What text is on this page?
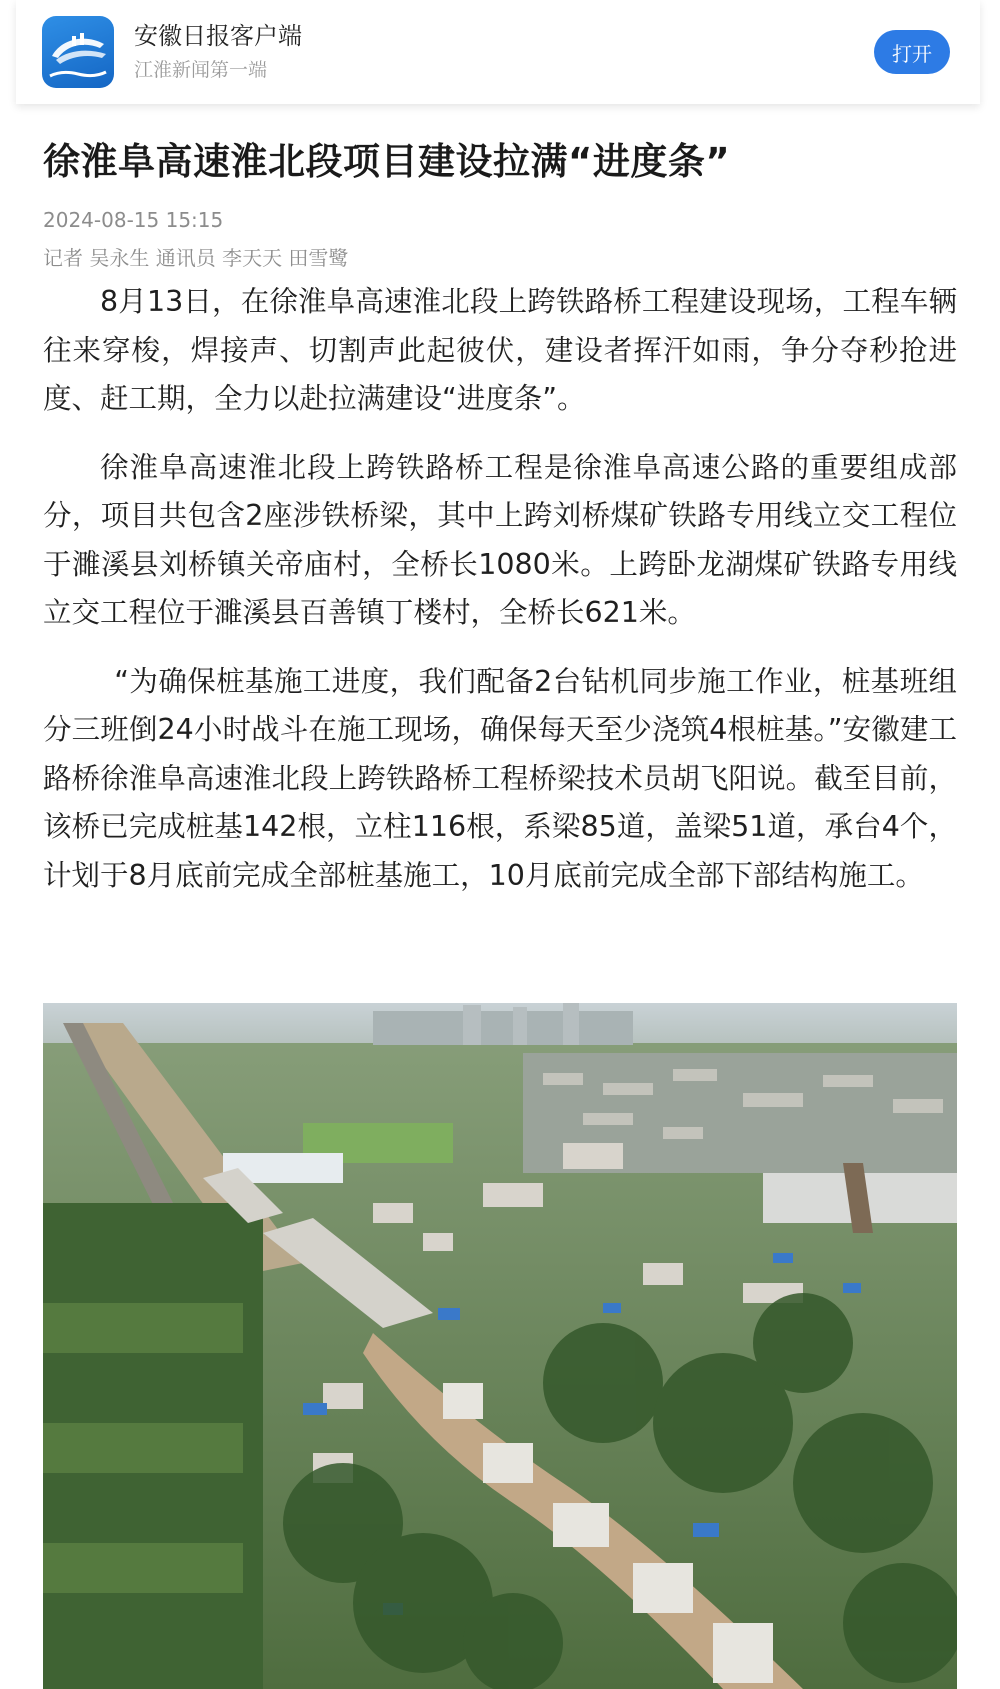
安徽日报客户端
江淮新闻第一端
打开
徐淮阜高速淮北段项目建设拉满“进度条”
2024-08-15 15:15
记者 吴永生 通讯员 李天天 田雪鹭

8月13日，在徐淮阜高速淮北段上跨铁路桥工程建设现场，工程车辆往来穿梭，焊接声、切割声此起彼伏，建设者挥汗如雨，争分夺秒抢进度、赶工期，全力以赴拉满建设“进度条”。

徐淮阜高速淮北段上跨铁路桥工程是徐淮阜高速公路的重要组成部分，项目共包含2座涉铁桥梁，其中上跨刘桥煤矿铁路专用线立交工程位于濉溪县刘桥镇关帝庙村，全桥长1080米。上跨卧龙湖煤矿铁路专用线立交工程位于濉溪县百善镇丁楼村，全桥长621米。

“为确保桩基施工进度，我们配备2台钻机同步施工作业，桩基班组分三班倒24小时战斗在施工现场，确保每天至少浇筑4根桩基。”安徽建工路桥徐淮阜高速淮北段上跨铁路桥工程桥梁技术员胡飞阳说。截至目前，该桥已完成桩基142根，立柱116根，系梁85道，盖梁51道，承台4个，计划于8月底前完成全部桩基施工，10月底前完成全部下部结构施工。
